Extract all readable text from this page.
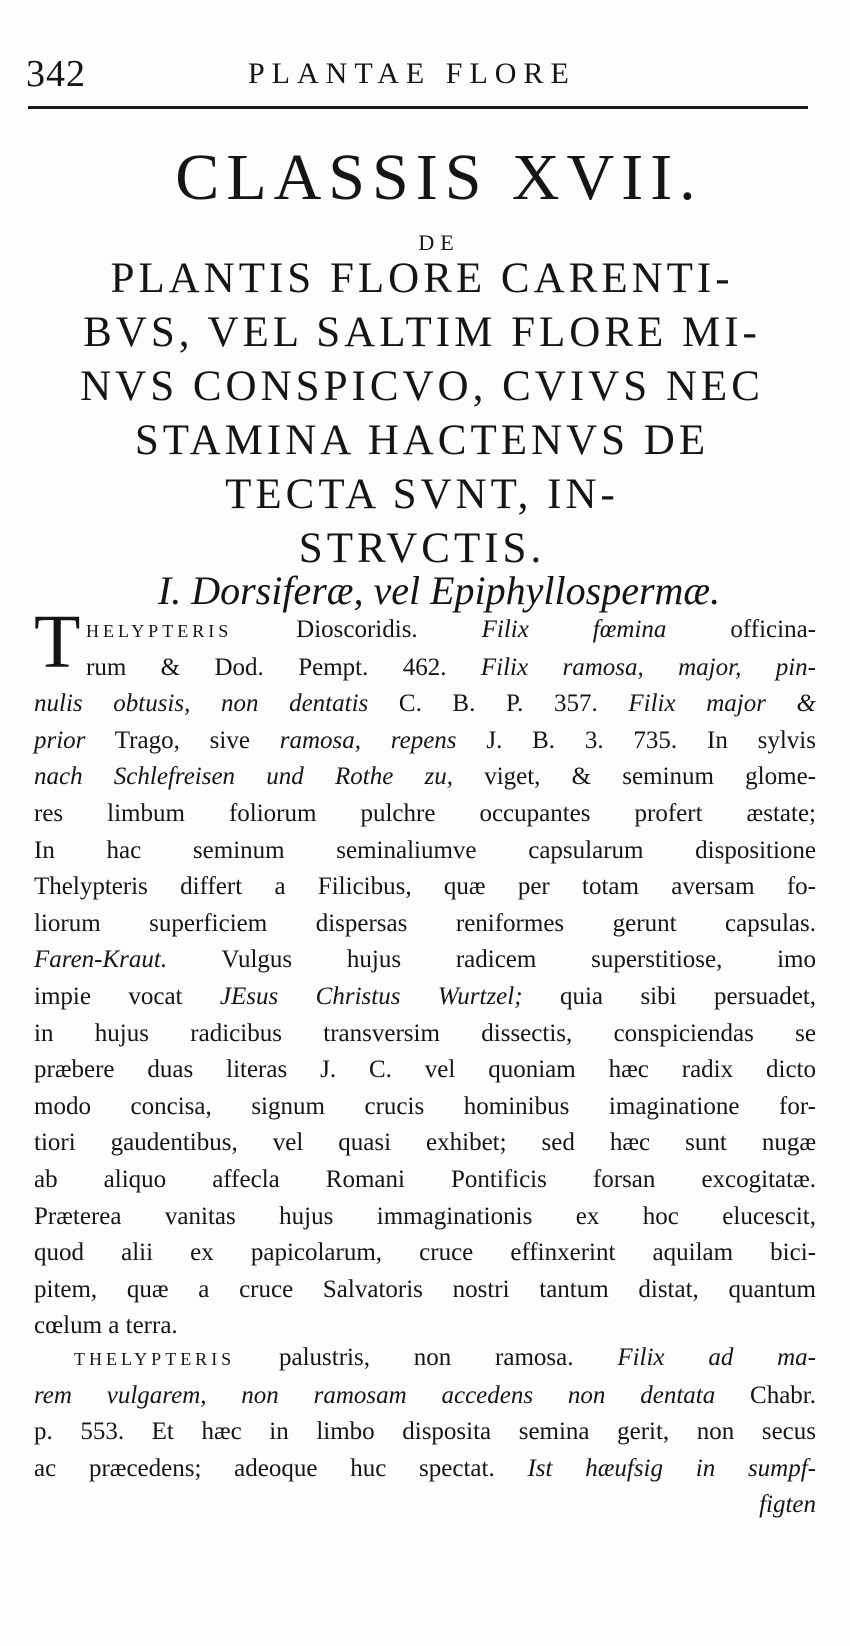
342	PLANTAE FLORE
CLASSIS XVII.
DE
PLANTIS FLORE CARENTI-
BVS, VEL SALTIM FLORE MI-
NVS CONSPICVO, CVIVS NEC
STAMINA HACTENVS DE
TECTA SVNT, IN-
STRVCTIS.
I. Dorsiferæ, vel Epiphyllospermæ.
T HELYPTERIS Dioscoridis. Filix fœmina officina-
rum & Dod. Pempt. 462. Filix ramosa, major, pin-
nulis obtusis, non dentatis C. B. P. 357. Filix major &
prior Trago, sive ramosa, repens J. B. 3. 735. In sylvis
nach Schlefreisen und Rothe zu, viget, & seminum glome-
res limbum foliorum pulchre occupantes profert æstate;
In hac seminum seminaliumve capsularum dispositione
Thelypteris differt a Filicibus, quæ per totam aversam fo-
liorum superficiem dispersas reniformes gerunt capsulas.
Faren-Kraut. Vulgus hujus radicem superstitiose, imo
impie vocat JEsus Christus Wurtzel; quia sibi persuadet,
in hujus radicibus transversim dissectis, conspiciendas se
præbere duas literas J. C. vel quoniam hæc radix dicto
modo concisa, signum crucis hominibus imaginatione for-
tiori gaudentibus, vel quasi exhibet; sed hæc sunt nugæ
ab aliquo affecla Romani Pontificis forsan excogitatæ.
Præterea vanitas hujus immaginationis ex hoc elucescit,
quod alii ex papicolarum, cruce effinxerint aquilam bici-
pitem, quæ a cruce Salvatoris nostri tantum distat, quantum
cœlum a terra.
THELYPTERIS palustris, non ramosa. Filix ad ma-
rem vulgarem, non ramosam accedens non dentata Chabr.
p. 553. Et hæc in limbo disposita semina gerit, non secus
ac præcedens; adeoque huc spectat. Ist hæufsig in sumpf-
figten
